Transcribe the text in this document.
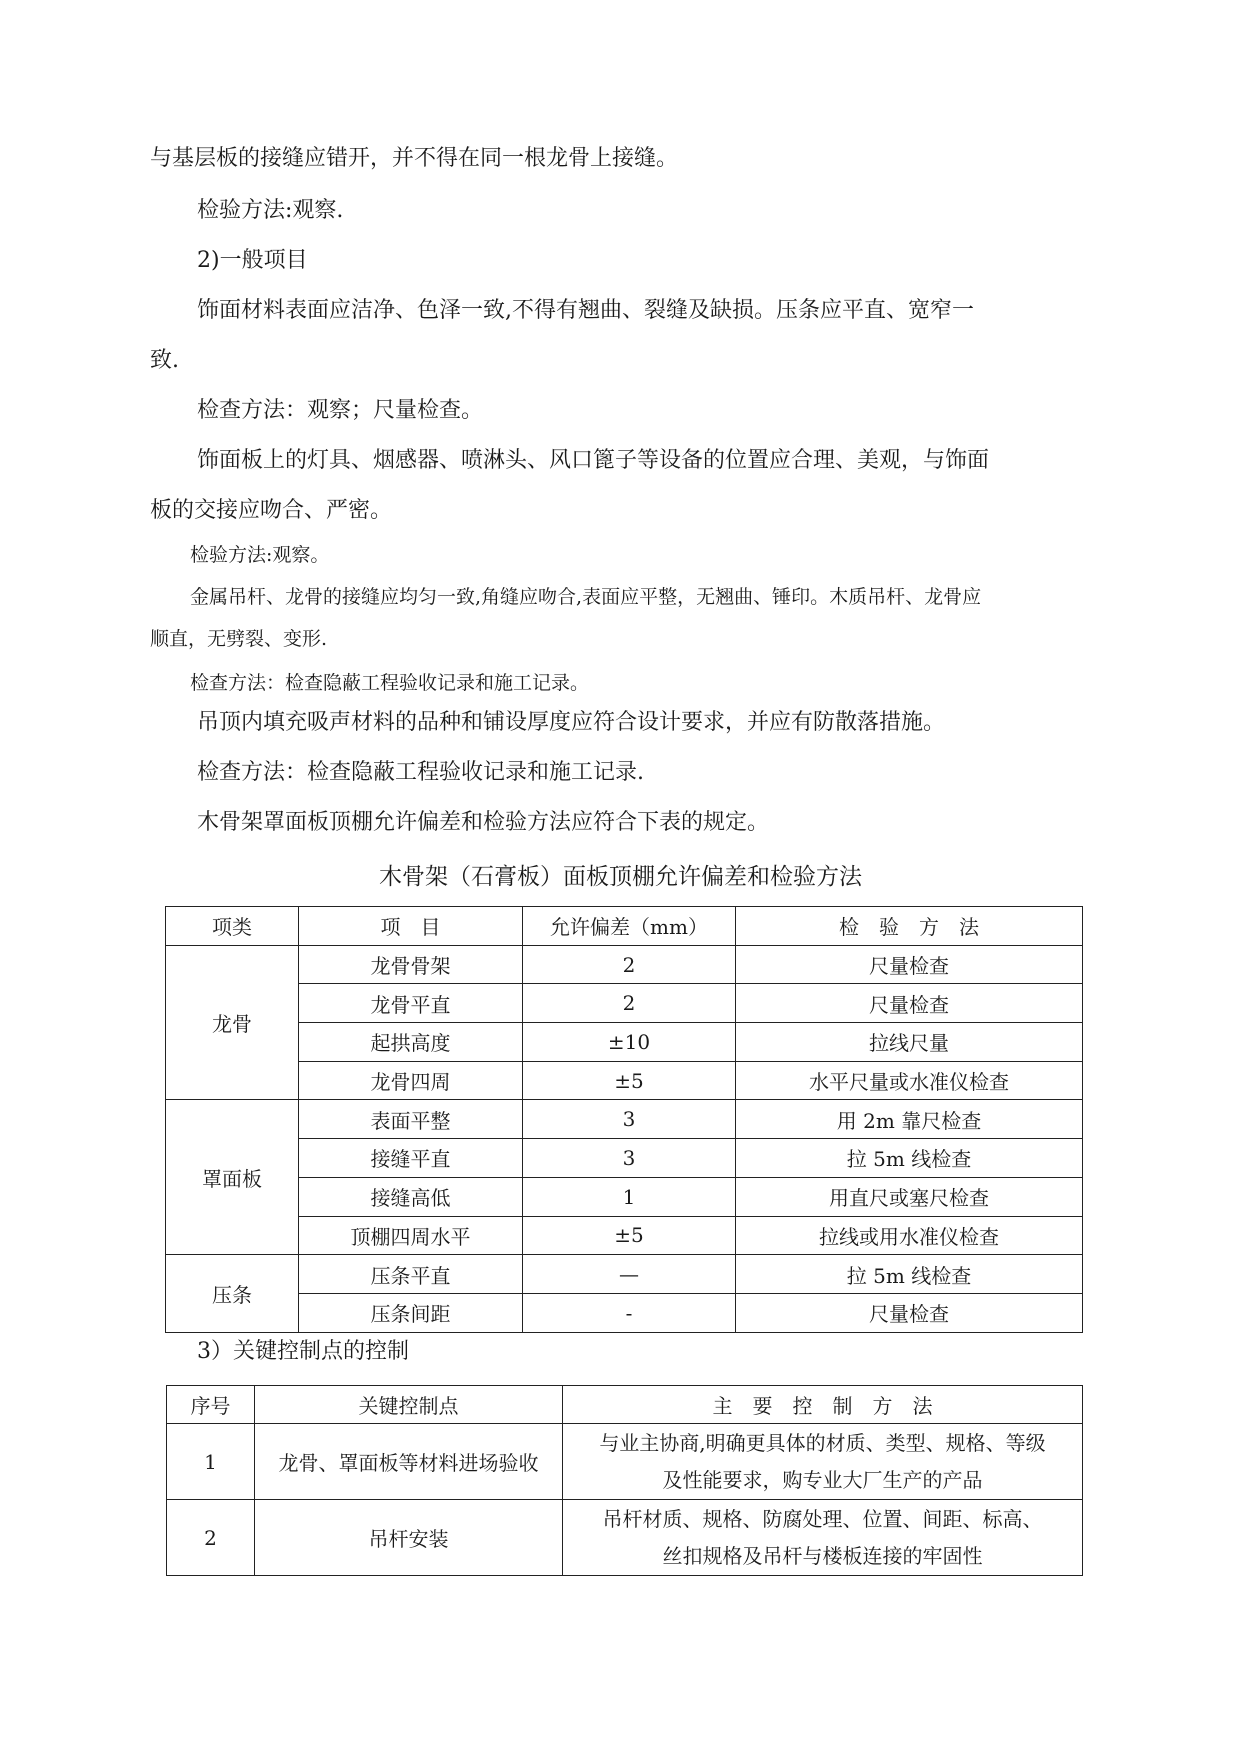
与基层板的接缝应错开，并不得在同一根龙骨上接缝。
检验方法:观察.
2)一般项目
饰面材料表面应洁净、色泽一致,不得有翘曲、裂缝及缺损。压条应平直、宽窄一
致.
检查方法：观察；尺量检查。
饰面板上的灯具、烟感器、喷淋头、风口篦子等设备的位置应合理、美观，与饰面
板的交接应吻合、严密。
检验方法:观察。
金属吊杆、龙骨的接缝应均匀一致,角缝应吻合,表面应平整，无翘曲、锤印。木质吊杆、龙骨应
顺直，无劈裂、变形.
检查方法：检查隐蔽工程验收记录和施工记录。
吊顶内填充吸声材料的品种和铺设厚度应符合设计要求，并应有防散落措施。
检查方法：检查隐蔽工程验收记录和施工记录.
木骨架罩面板顶棚允许偏差和检验方法应符合下表的规定。
木骨架（石膏板）面板顶棚允许偏差和检验方法
项类	项　目	允许偏差（mm）	检　验　方　法
龙骨	龙骨骨架	2	尺量检查
	龙骨平直	2	尺量检查
	起拱高度	±10	拉线尺量
	龙骨四周	±5	水平尺量或水准仪检查
罩面板	表面平整	3	用 2m 靠尺检查
	接缝平直	3	拉 5m 线检查
	接缝高低	1	用直尺或塞尺检查
	顶棚四周水平	±5	拉线或用水准仪检查
压条	压条平直	—	拉 5m 线检查
	压条间距	-	尺量检查
3）关键控制点的控制
序号	关键控制点	主　要　控　制　方　法
1	龙骨、罩面板等材料进场验收	与业主协商,明确更具体的材质、类型、规格、等级
及性能要求，购专业大厂生产的产品

2	吊杆安装	吊杆材质、规格、防腐处理、位置、间距、标高、
丝扣规格及吊杆与楼板连接的牢固性
